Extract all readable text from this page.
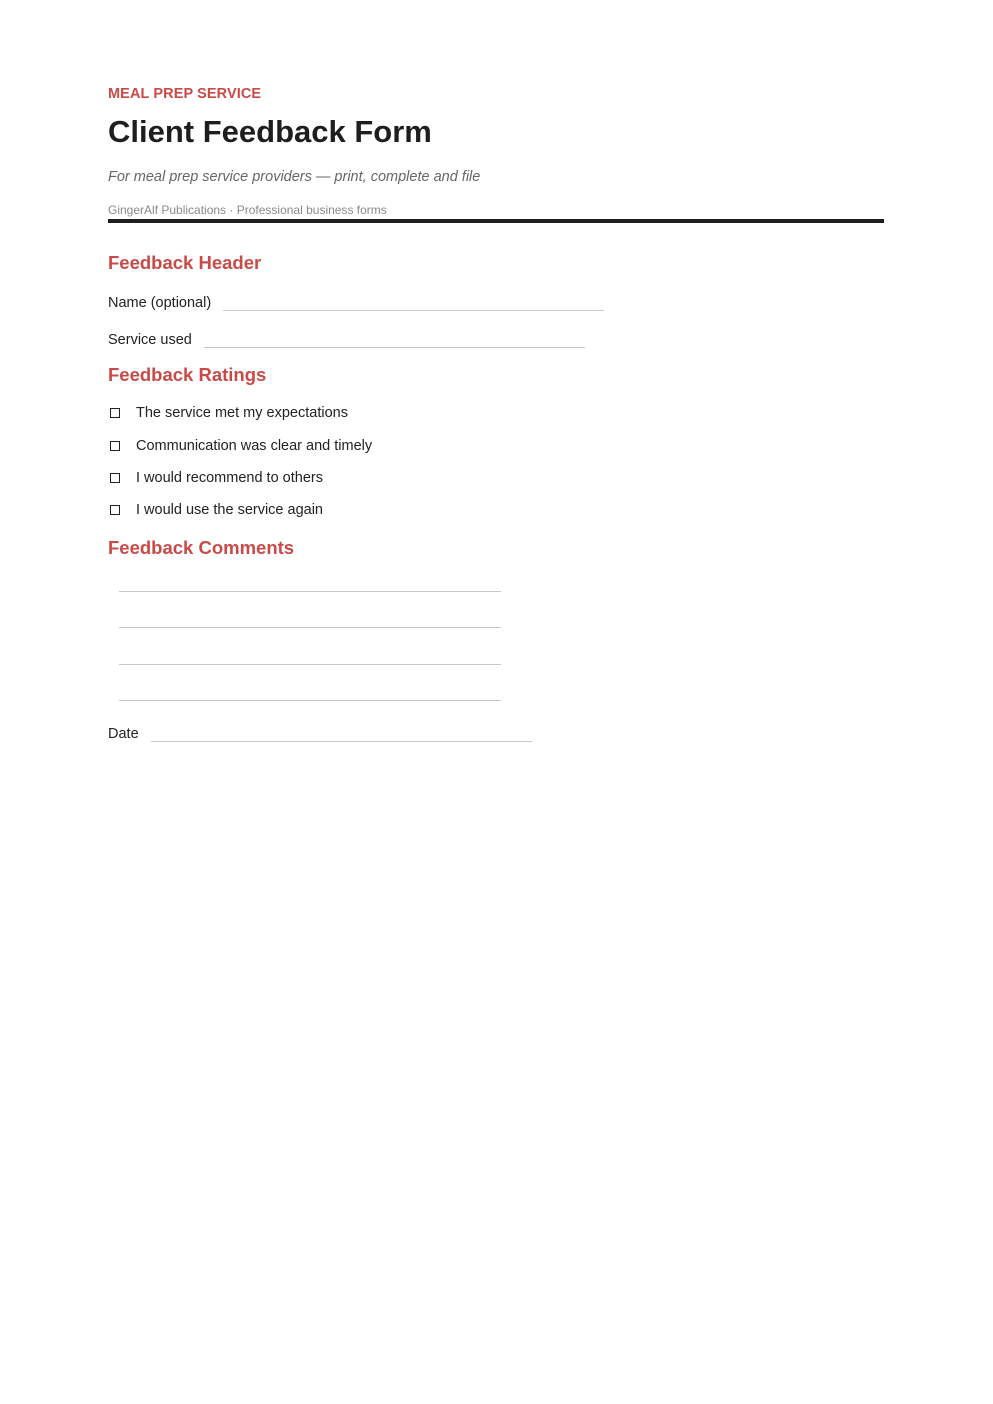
MEAL PREP SERVICE
Client Feedback Form
For meal prep service providers — print, complete and file
GingerAlf Publications · Professional business forms
Feedback Header
Name (optional)
Service used
Feedback Ratings
The service met my expectations
Communication was clear and timely
I would recommend to others
I would use the service again
Feedback Comments
Date
